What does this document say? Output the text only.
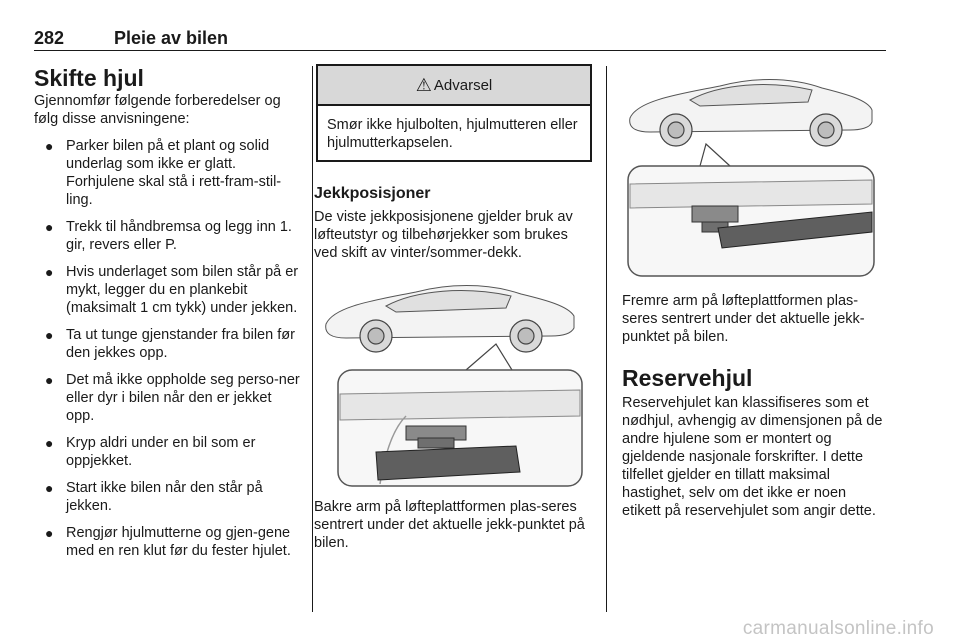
282	Pleie av bilen
Skifte hjul

Gjennomfør følgende forberedelser og følg disse anvisningene:

● Parker bilen på et plant og solid underlag som ikke er glatt. Forhjulene skal stå i rett-fram-stil-ling.
● Trekk til håndbremsa og legg inn 1. gir, revers eller P.
● Hvis underlaget som bilen står på er mykt, legger du en plankebit (maksimalt 1 cm tykk) under jekken.
● Ta ut tunge gjenstander fra bilen før den jekkes opp.
● Det må ikke oppholde seg perso-ner eller dyr i bilen når den er jekket opp.
● Kryp aldri under en bil som er oppjekket.
● Start ikke bilen når den står på jekken.
● Rengjør hjulmutterne og gjen-gene med en ren klut før du fester hjulet.
⚠ Advarsel
Smør ikke hjulbolten, hjulmutteren eller hjulmutterkapselen.
Jekkposisjoner

De viste jekkposisjonene gjelder bruk av løfteutstyr og tilbehørjekker som brukes ved skift av vinter/sommer-dekk.

Bakre arm på løfteplattformen plas-seres sentrert under det aktuelle jekk-punktet på bilen.

Fremre arm på løfteplattformen plas-seres sentrert under det aktuelle jekk-punktet på bilen.

Reservehjul

Reservehjulet kan klassifiseres som et nødhjul, avhengig av dimensjonen på de andre hjulene som er montert og gjeldende nasjonale forskrifter. I dette tilfellet gjelder en tillatt maksimal hastighet, selv om det ikke er noen etikett på reservehjulet som angir dette.

carmanualsonline.info
